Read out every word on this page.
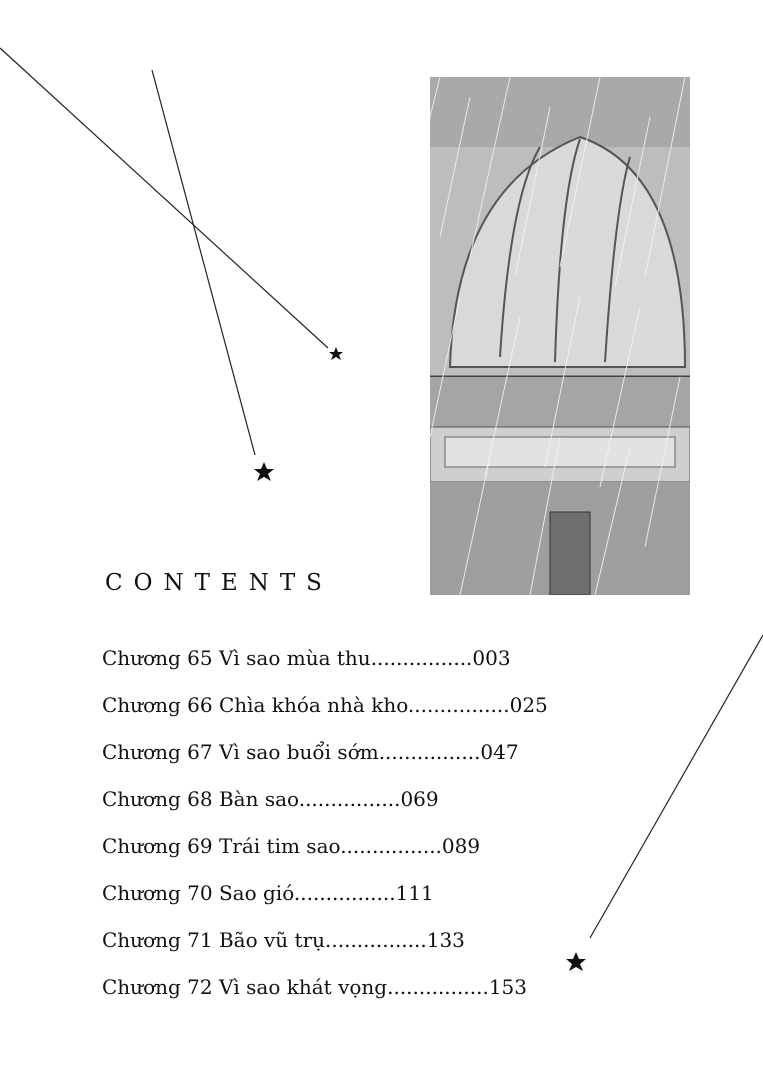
CONTENTS
Chương 65 Vì sao mùa thu................003
Chương 66 Chìa khóa nhà kho................025
Chương 67 Vì sao buổi sớm................047
Chương 68 Bàn sao................069
Chương 69 Trái tim sao................089
Chương 70 Sao gió................111
Chương 71 Bão vũ trụ................133
Chương 72 Vì sao khát vọng................153
